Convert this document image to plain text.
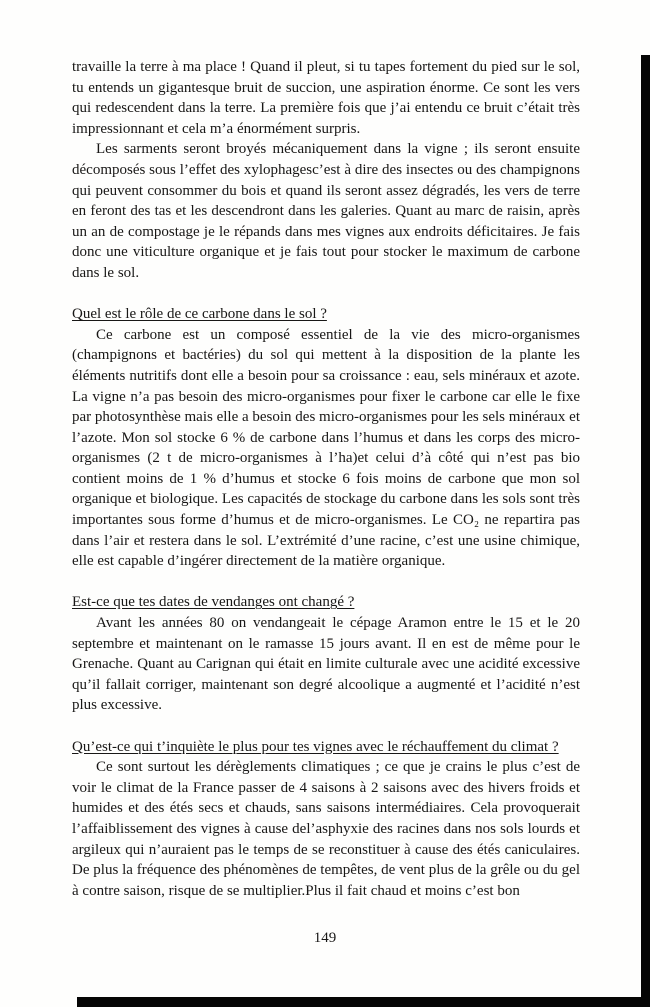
travaille la terre à ma place ! Quand il pleut, si tu tapes fortement du pied sur le sol, tu entends un gigantesque bruit de succion, une aspiration énorme. Ce sont les vers qui redescendent dans la terre. La première fois que j’ai entendu ce bruit c’était très impressionnant et cela m’a énormément surpris.

Les sarments seront broyés mécaniquement dans la vigne ; ils seront ensuite décomposés sous l’effet des xylophagesc’est à dire des insectes ou des champignons qui peuvent consommer du bois et quand ils seront assez dégradés, les vers de terre en feront des tas et les descendront dans les galeries. Quant au marc de raisin, après un an de compostage je le répands dans mes vignes aux endroits déficitaires. Je fais donc une viticulture organique et je fais tout pour stocker le maximum de carbone dans le sol.

Quel est le rôle de ce carbone dans le sol ?

Ce carbone est un composé essentiel de la vie des micro-organismes (champignons et bactéries) du sol qui mettent à la disposition de la plante les éléments nutritifs dont elle a besoin pour sa croissance : eau, sels minéraux et azote. La vigne n’a pas besoin des micro-organismes pour fixer le carbone car elle le fixe par photosynthèse mais elle a besoin des micro-organismes pour les sels minéraux et l’azote. Mon sol stocke 6 % de carbone dans l’humus et dans les corps des micro-organismes (2 t de micro-organismes à l’ha)et celui d’à côté qui n’est pas bio contient moins de 1 % d’humus et stocke 6 fois moins de carbone que mon sol organique et biologique. Les capacités de stockage du carbone dans les sols sont très importantes sous forme d’humus et de micro-organismes. Le CO₂ ne repartira pas dans l’air et restera dans le sol. L’extrémité d’une racine, c’est une usine chimique, elle est capable d’ingérer directement de la matière organique.

Est-ce que tes dates de vendanges ont changé ?

Avant les années 80 on vendangeait le cépage Aramon entre le 15 et le 20 septembre et maintenant on le ramasse 15 jours avant. Il en est de même pour le Grenache. Quant au Carignan qui était en limite culturale avec une acidité excessive qu’il fallait corriger, maintenant son degré alcoolique a augmenté et l’acidité n’est plus excessive.

Qu’est-ce qui t’inquiète le plus pour tes vignes avec le réchauffement du climat ?

Ce sont surtout les dérèglements climatiques ; ce que je crains le plus c’est de voir le climat de la France passer de 4 saisons à 2 saisons avec des hivers froids et humides et des étés secs et chauds, sans saisons intermédiaires. Cela provoquerait l’affaiblissement des vignes à cause del’asphyxie des racines dans nos sols lourds et argileux qui n’auraient pas le temps de se reconstituer à cause des étés caniculaires. De plus la fréquence des phénomènes de tempêtes, de vent plus de la grêle ou du gel à contre saison, risque de se multiplier.Plus il fait chaud et moins c’est bon

149
